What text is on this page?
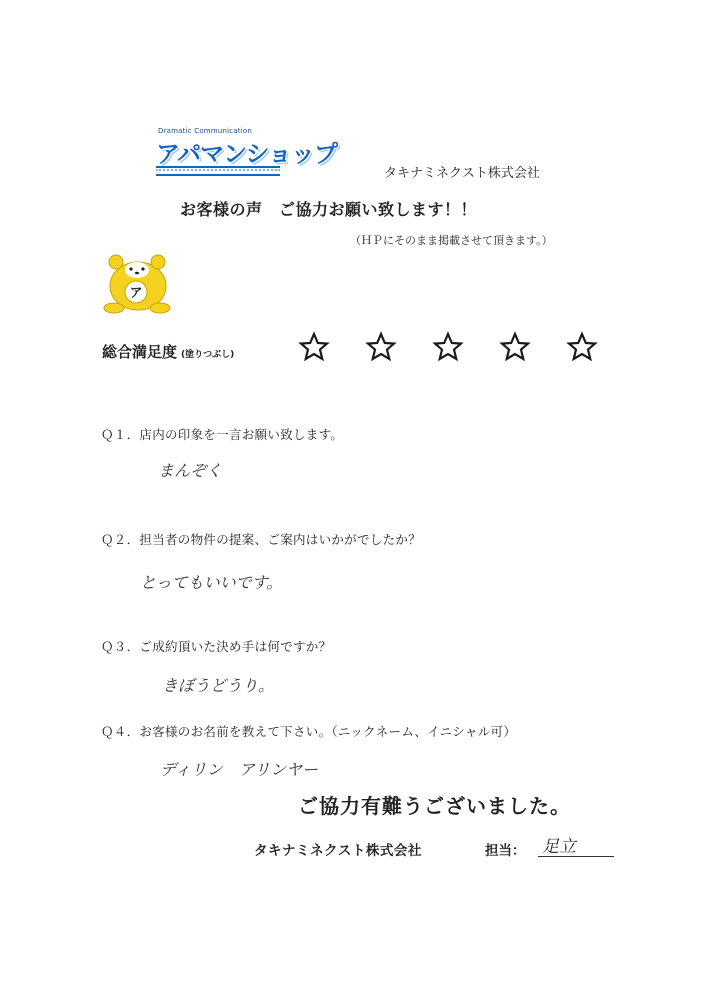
Dramatic Communication
アパマンショップ
タキナミネクスト株式会社
お客様の声　ご協力お願い致します！！
（ＨＰにそのまま掲載させて頂きます。）
ア
総合満足度 (塗りつぶし)
Ｑ１．店内の印象を一言お願い致します。
まんぞく
Ｑ２．担当者の物件の提案、ご案内はいかがでしたか？
とってもいいです。
Ｑ３．ご成約頂いた決め手は何ですか？
きぼうどうり。
Ｑ４．お客様のお名前を教えて下さい。（ニックネーム、イニシャル可）
ディリン　アリンヤー
ご協力有難うございました。
タキナミネクスト株式会社	担当： 足立
